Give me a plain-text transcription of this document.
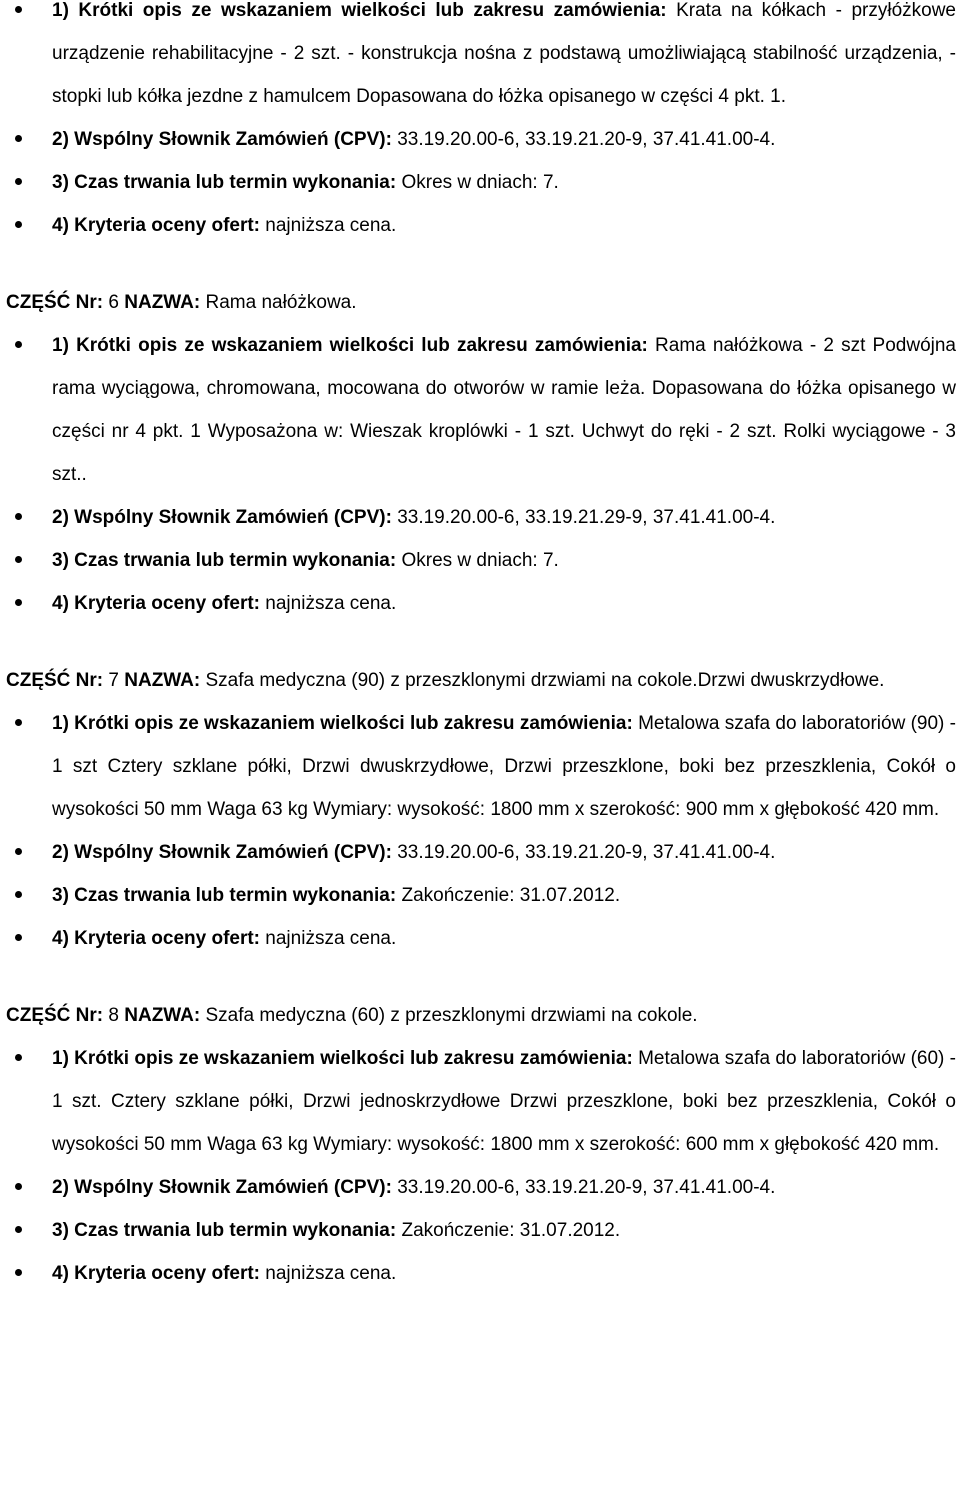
1) Krótki opis ze wskazaniem wielkości lub zakresu zamówienia: Krata na kółkach - przyłóżkowe urządzenie rehabilitacyjne - 2 szt. - konstrukcja nośna z podstawą umożliwiającą stabilność urządzenia, - stopki lub kółka jezdne z hamulcem Dopasowana do łóżka opisanego w części 4 pkt. 1.
2) Wspólny Słownik Zamówień (CPV): 33.19.20.00-6, 33.19.21.20-9, 37.41.41.00-4.
3) Czas trwania lub termin wykonania: Okres w dniach: 7.
4) Kryteria oceny ofert: najniższa cena.
CZĘŚĆ Nr: 6 NAZWA: Rama nałóżkowa.
1) Krótki opis ze wskazaniem wielkości lub zakresu zamówienia: Rama nałóżkowa - 2 szt Podwójna rama wyciągowa, chromowana, mocowana do otworów w ramie leża. Dopasowana do łóżka opisanego w części nr 4 pkt. 1 Wyposażona w: Wieszak kroplówki - 1 szt. Uchwyt do ręki - 2 szt. Rolki wyciągowe - 3 szt..
2) Wspólny Słownik Zamówień (CPV): 33.19.20.00-6, 33.19.21.29-9, 37.41.41.00-4.
3) Czas trwania lub termin wykonania: Okres w dniach: 7.
4) Kryteria oceny ofert: najniższa cena.
CZĘŚĆ Nr: 7 NAZWA: Szafa medyczna (90) z przeszklonymi drzwiami na cokole.Drzwi dwuskrzydłowe.
1) Krótki opis ze wskazaniem wielkości lub zakresu zamówienia: Metalowa szafa do laboratoriów (90) - 1 szt Cztery szklane półki, Drzwi dwuskrzydłowe, Drzwi przeszklone, boki bez przeszklenia, Cokół o wysokości 50 mm Waga 63 kg Wymiary: wysokość: 1800 mm x szerokość: 900 mm x głębokość 420 mm.
2) Wspólny Słownik Zamówień (CPV): 33.19.20.00-6, 33.19.21.20-9, 37.41.41.00-4.
3) Czas trwania lub termin wykonania: Zakończenie: 31.07.2012.
4) Kryteria oceny ofert: najniższa cena.
CZĘŚĆ Nr: 8 NAZWA: Szafa medyczna (60) z przeszklonymi drzwiami na cokole.
1) Krótki opis ze wskazaniem wielkości lub zakresu zamówienia: Metalowa szafa do laboratoriów (60) - 1 szt. Cztery szklane półki, Drzwi jednoskrzydłowe Drzwi przeszklone, boki bez przeszklenia, Cokół o wysokości 50 mm Waga 63 kg Wymiary: wysokość: 1800 mm x szerokość: 600 mm x głębokość 420 mm.
2) Wspólny Słownik Zamówień (CPV): 33.19.20.00-6, 33.19.21.20-9, 37.41.41.00-4.
3) Czas trwania lub termin wykonania: Zakończenie: 31.07.2012.
4) Kryteria oceny ofert: najniższa cena.
